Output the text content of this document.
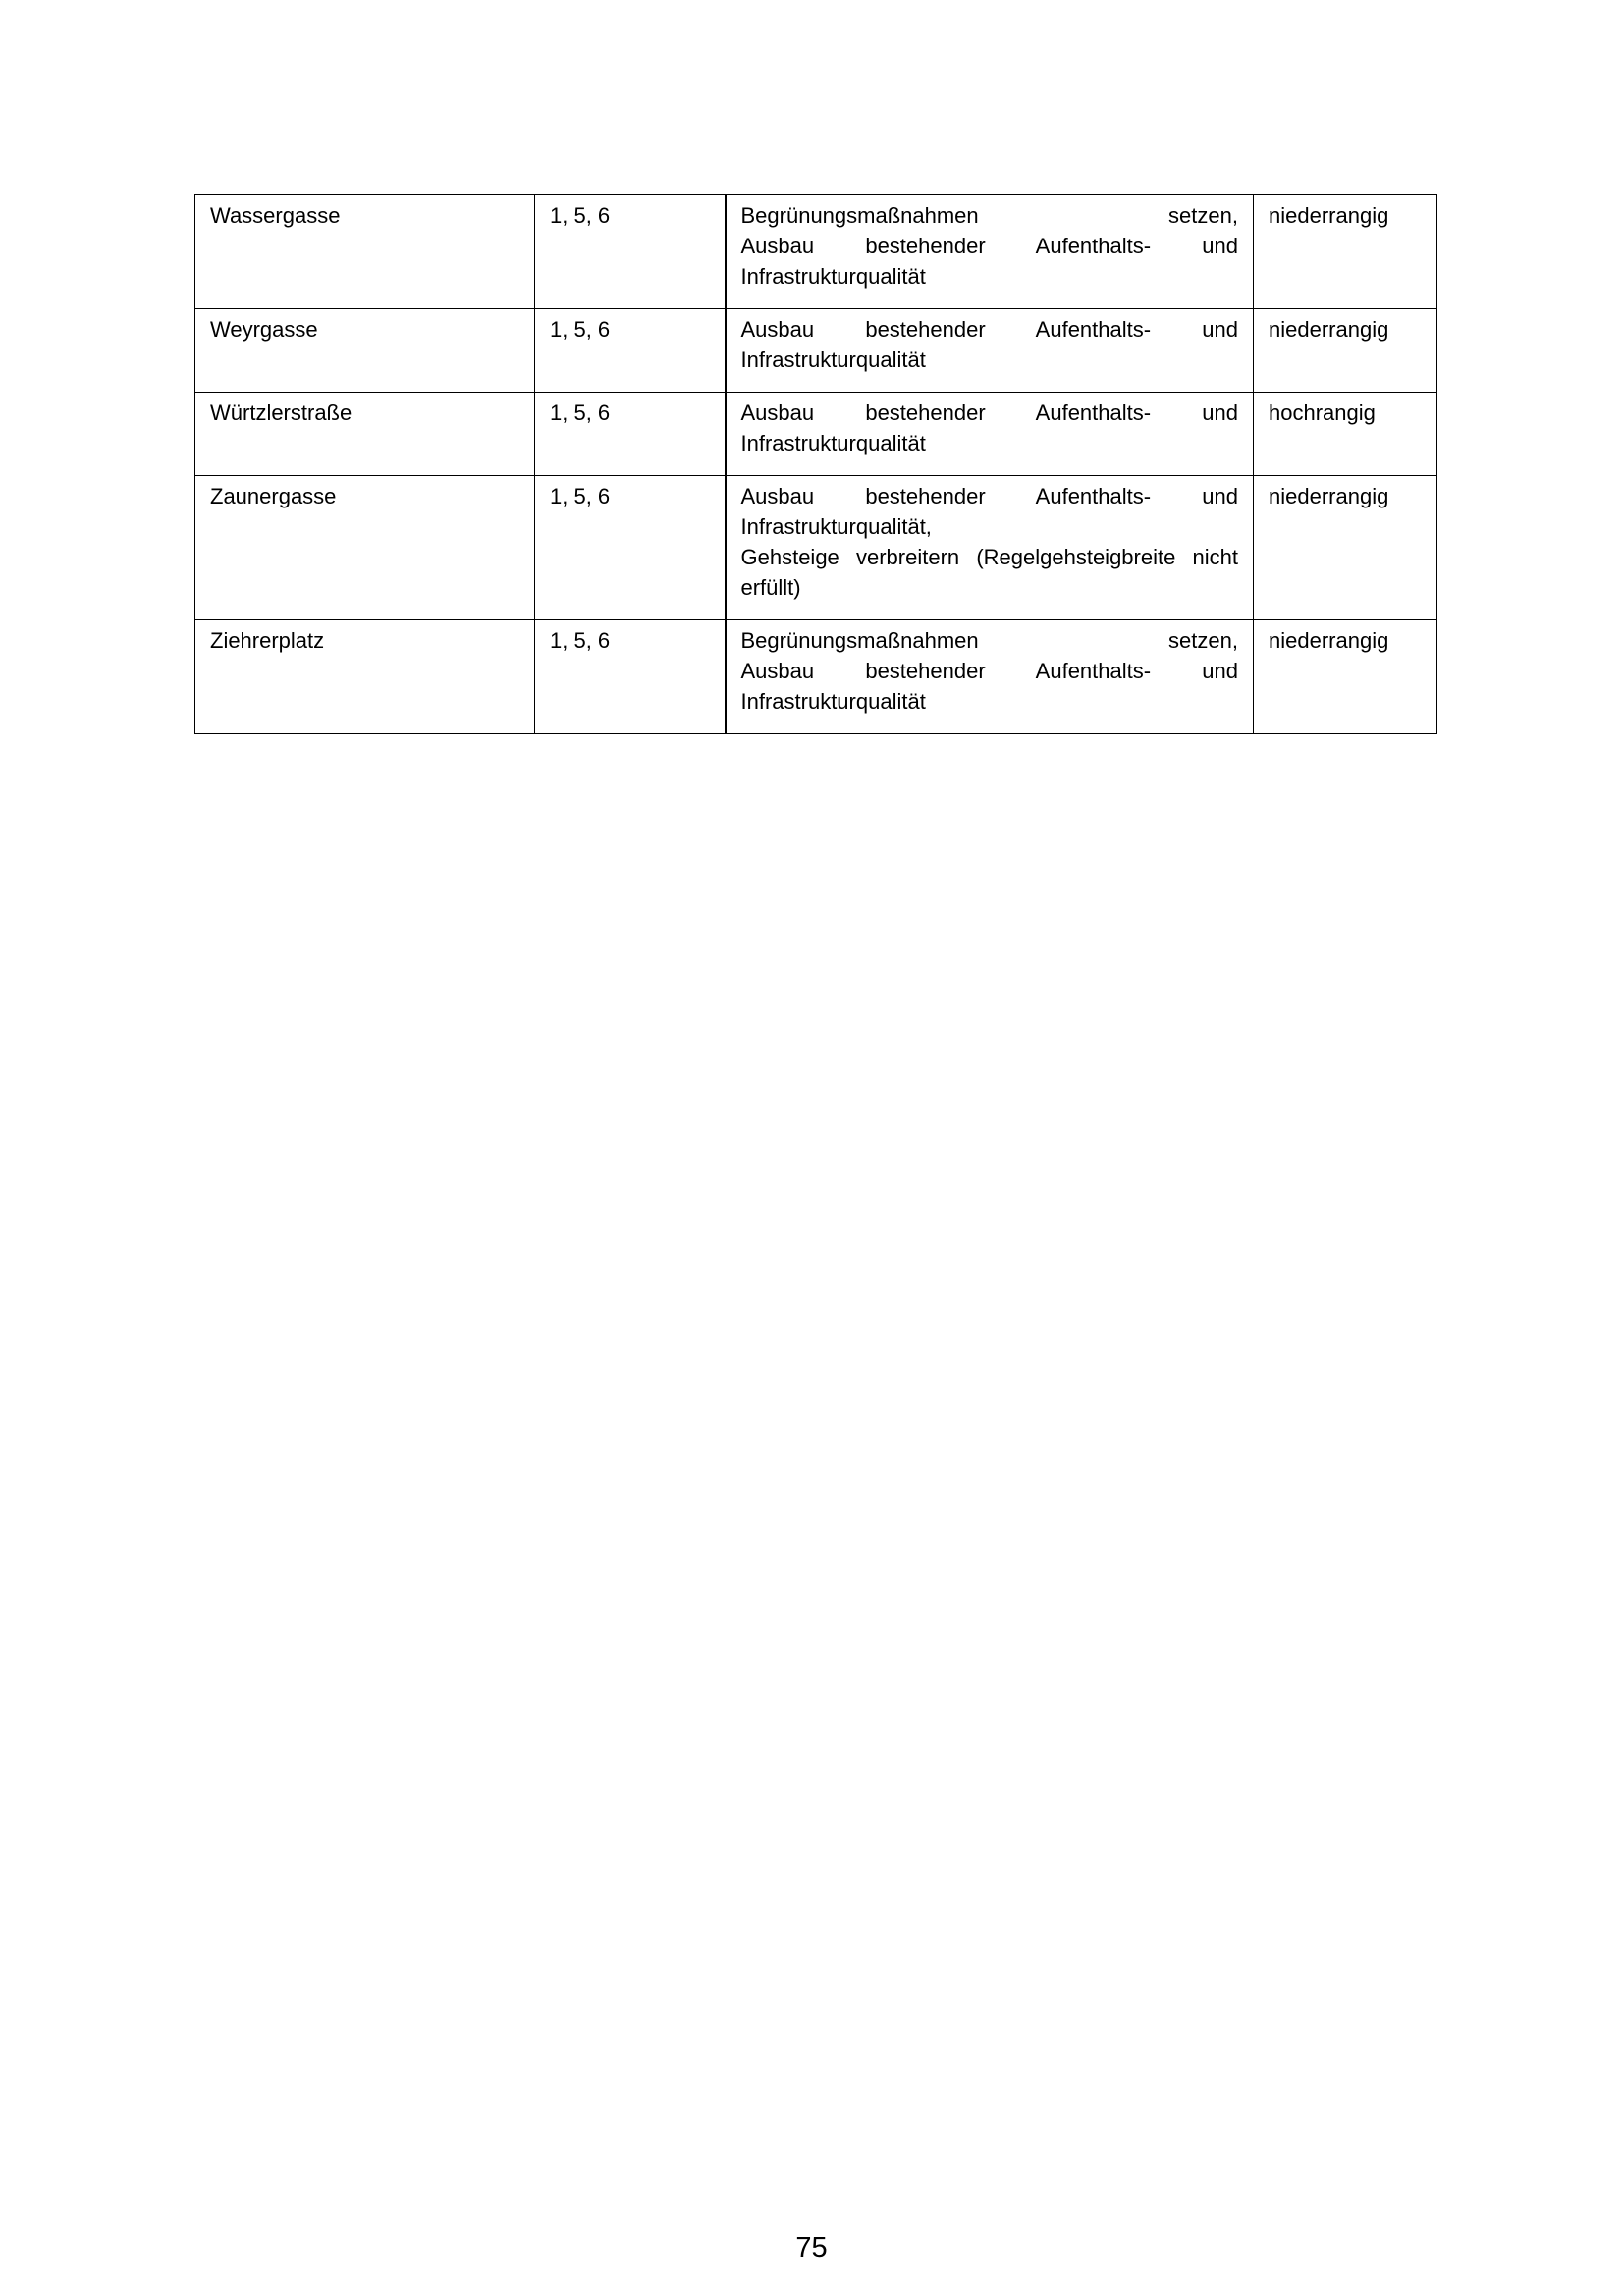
Wassergasse	1, 5, 6	Begrünungsmaßnahmen setzen,
Ausbau bestehender Aufenthalts- und
Infrastrukturqualität	niederrangig
Weyrgasse	1, 5, 6	Ausbau bestehender Aufenthalts- und
Infrastrukturqualität	niederrangig
Würtzlerstraße	1, 5, 6	Ausbau bestehender Aufenthalts- und
Infrastrukturqualität	hochrangig
Zaunergasse	1, 5, 6	Ausbau bestehender Aufenthalts- und
Infrastrukturqualität,
Gehsteige verbreitern (Regelgehsteigbreite nicht
erfüllt)	niederrangig
Ziehrerplatz	1, 5, 6	Begrünungsmaßnahmen setzen,
Ausbau bestehender Aufenthalts- und
Infrastrukturqualität	niederrangig
75
